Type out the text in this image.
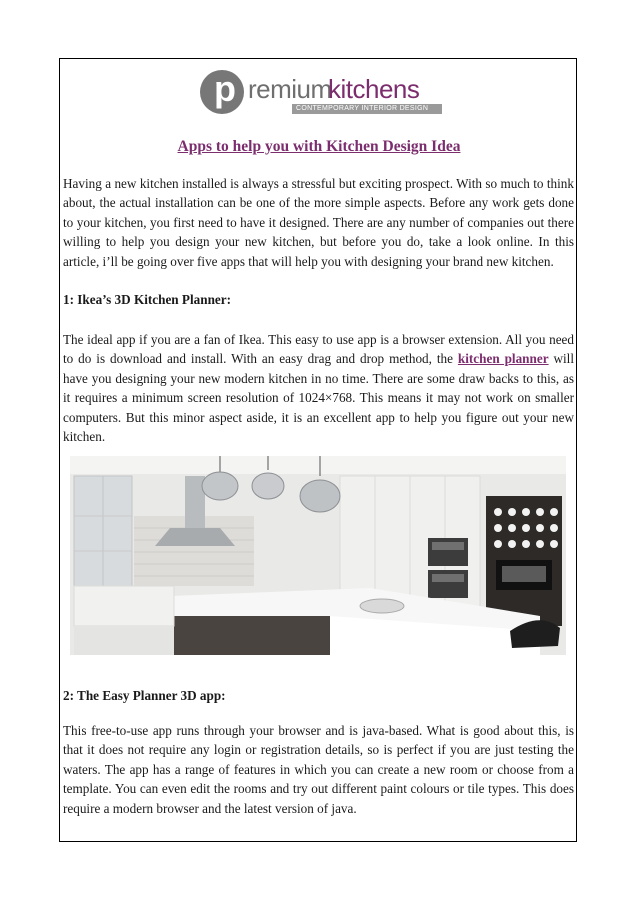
p remium
kitchens
CONTEMPORARY INTERIOR DESIGN
Apps to help you with Kitchen Design Idea

Having a new kitchen installed is always a stressful but exciting prospect. With so much to think about, the actual installation can be one of the more simple aspects. Before any work gets done to your kitchen, you first need to have it designed. There are any number of companies out there willing to help you design your new kitchen, but before you do, take a look online. In this article, i’ll be going over five apps that will help you with designing your brand new kitchen.

1: Ikea’s 3D Kitchen Planner:

The ideal app if you are a fan of Ikea. This easy to use app is a browser extension. All you need to do is download and install. With an easy drag and drop method, the kitchen planner will have you designing your new modern kitchen in no time. There are some draw backs to this, as it requires a minimum screen resolution of 1024×768. This means it may not work on smaller computers. But this minor aspect aside, it is an excellent app to help you figure out your new kitchen.

2: The Easy Planner 3D app:

This free-to-use app runs through your browser and is java-based. What is good about this, is that it does not require any login or registration details, so is perfect if you are just testing the waters. The app has a range of features in which you can create a new room or choose from a template. You can even edit the rooms and try out different paint colours or tile types. This does require a modern browser and the latest version of java.
